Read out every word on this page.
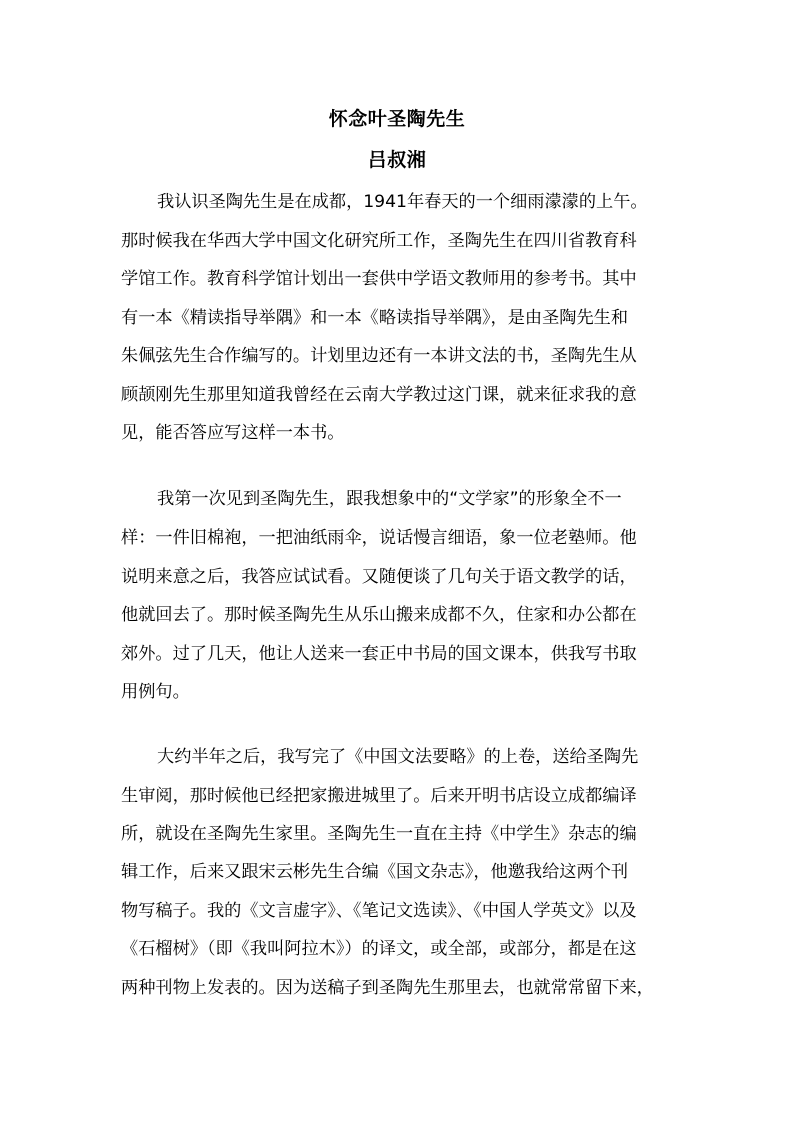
怀念叶圣陶先生
吕叔湘
我认识圣陶先生是在成都，1941年春天的一个细雨濛濛的上午。
那时候我在华西大学中国文化研究所工作，圣陶先生在四川省教育科
学馆工作。教育科学馆计划出一套供中学语文教师用的参考书。其中
有一本《精读指导举隅》和一本《略读指导举隅》，是由圣陶先生和
朱佩弦先生合作编写的。计划里边还有一本讲文法的书，圣陶先生从
顾颉刚先生那里知道我曾经在云南大学教过这门课，就来征求我的意
见，能否答应写这样一本书。
我第一次见到圣陶先生，跟我想象中的“文学家”的形象全不一
样：一件旧棉袍，一把油纸雨伞，说话慢言细语，象一位老塾师。他
说明来意之后，我答应试试看。又随便谈了几句关于语文教学的话，
他就回去了。那时候圣陶先生从乐山搬来成都不久，住家和办公都在
郊外。过了几天，他让人送来一套正中书局的国文课本，供我写书取
用例句。
大约半年之后，我写完了《中国文法要略》的上卷，送给圣陶先
生审阅，那时候他已经把家搬进城里了。后来开明书店设立成都编译
所，就设在圣陶先生家里。圣陶先生一直在主持《中学生》杂志的编
辑工作，后来又跟宋云彬先生合编《国文杂志》，他邀我给这两个刊
物写稿子。我的《文言虚字》、《笔记文选读》、《中国人学英文》以及
《石榴树》（即《我叫阿拉木》）的译文，或全部，或部分，都是在这
两种刊物上发表的。因为送稿子到圣陶先生那里去，也就常常留下来，
